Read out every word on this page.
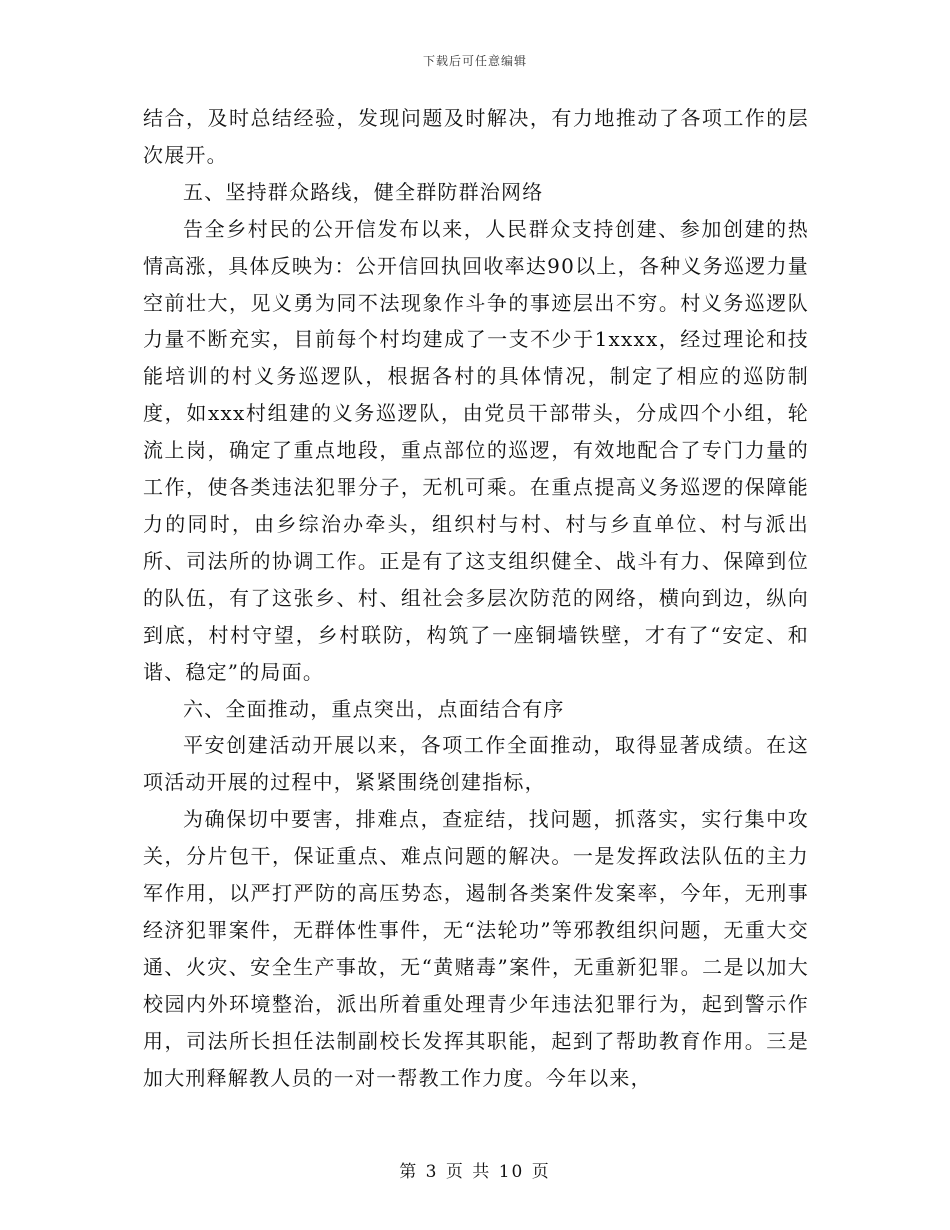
下载后可任意编辑

结合，及时总结经验，发现问题及时解决，有力地推动了各项工作的层次展开。

五、坚持群众路线，健全群防群治网络

告全乡村民的公开信发布以来，人民群众支持创建、参加创建的热情高涨，具体反映为：公开信回执回收率达90以上，各种义务巡逻力量空前壮大，见义勇为同不法现象作斗争的事迹层出不穷。村义务巡逻队力量不断充实，目前每个村均建成了一支不少于1xxxx，经过理论和技能培训的村义务巡逻队，根据各村的具体情况，制定了相应的巡防制度，如xxx村组建的义务巡逻队，由党员干部带头，分成四个小组，轮流上岗，确定了重点地段，重点部位的巡逻，有效地配合了专门力量的工作，使各类违法犯罪分子，无机可乘。在重点提高义务巡逻的保障能力的同时，由乡综治办牵头，组织村与村、村与乡直单位、村与派出所、司法所的协调工作。正是有了这支组织健全、战斗有力、保障到位的队伍，有了这张乡、村、组社会多层次防范的网络，横向到边，纵向到底，村村守望，乡村联防，构筑了一座铜墙铁壁，才有了“安定、和谐、稳定”的局面。

六、全面推动，重点突出，点面结合有序

平安创建活动开展以来，各项工作全面推动，取得显著成绩。在这项活动开展的过程中，紧紧围绕创建指标，

为确保切中要害，排难点，查症结，找问题，抓落实，实行集中攻关，分片包干，保证重点、难点问题的解决。一是发挥政法队伍的主力军作用，以严打严防的高压势态，遏制各类案件发案率，今年，无刑事经济犯罪案件，无群体性事件，无“法轮功”等邪教组织问题，无重大交通、火灾、安全生产事故，无“黄赌毒”案件，无重新犯罪。二是以加大校园内外环境整治，派出所着重处理青少年违法犯罪行为，起到警示作用，司法所长担任法制副校长发挥其职能，起到了帮助教育作用。三是加大刑释解教人员的一对一帮教工作力度。今年以来，

第 3 页 共 10 页
